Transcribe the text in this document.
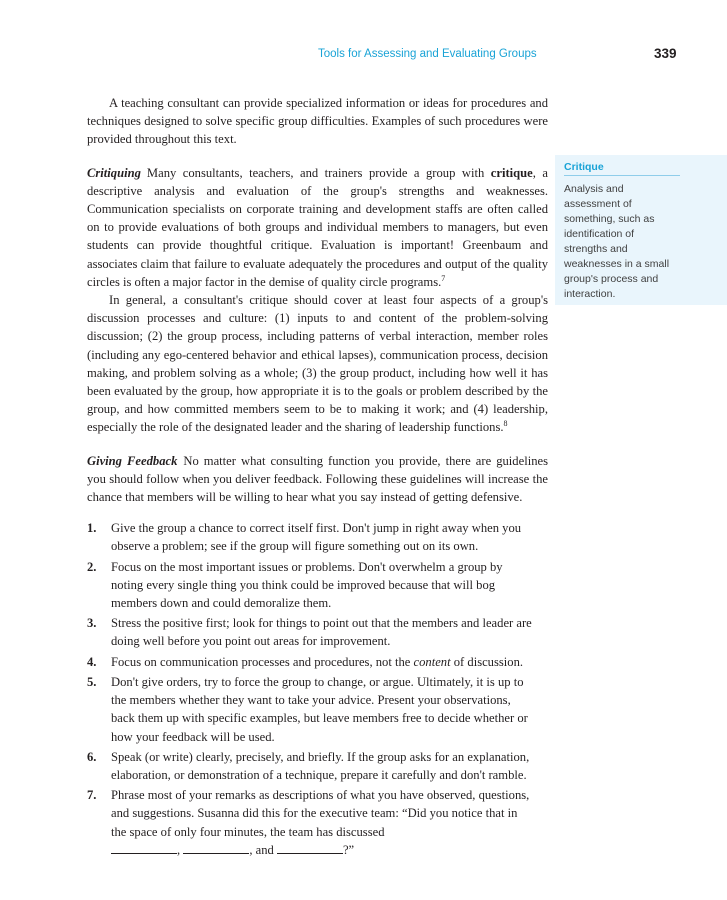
Tools for Assessing and Evaluating Groups	339
Critique
Analysis and assessment of something, such as identification of strengths and weaknesses in a small group's process and interaction.

A teaching consultant can provide specialized information or ideas for procedures and techniques designed to solve specific group difficulties. Examples of such procedures were provided throughout this text.

Critiquing Many consultants, teachers, and trainers provide a group with critique, a descriptive analysis and evaluation of the group's strengths and weaknesses. Communication specialists on corporate training and development staffs are often called on to provide evaluations of both groups and individual members to managers, but even students can provide thoughtful critique. Evaluation is important! Greenbaum and associates claim that failure to evaluate adequately the procedures and output of the quality circles is often a major factor in the demise of quality circle programs.$^7$

In general, a consultant's critique should cover at least four aspects of a group's discussion processes and culture: (1) inputs to and content of the problem-solving discussion; (2) the group process, including patterns of verbal interaction, member roles (including any ego-centered behavior and ethical lapses), communication process, decision making, and problem solving as a whole; (3) the group product, including how well it has been evaluated by the group, how appropriate it is to the goals or problem described by the group, and how committed members seem to be to making it work; and (4) leadership, especially the role of the designated leader and the sharing of leadership functions.$^8$

Giving Feedback No matter what consulting function you provide, there are guidelines you should follow when you deliver feedback. Following these guidelines will increase the chance that members will be willing to hear what you say instead of getting defensive.

1.	Give the group a chance to correct itself first. Don't jump in right away when you observe a problem; see if the group will figure something out on its own.
2.	Focus on the most important issues or problems. Don't overwhelm a group by noting every single thing you think could be improved because that will bog members down and could demoralize them.
3.	Stress the positive first; look for things to point out that the members and leader are doing well before you point out areas for improvement.
4.	Focus on communication processes and procedures, not the content of discussion.
5.	Don't give orders, try to force the group to change, or argue. Ultimately, it is up to the members whether they want to take your advice. Present your observations, back them up with specific examples, but leave members free to decide whether or how your feedback will be used.
6.	Speak (or write) clearly, precisely, and briefly. If the group asks for an explanation, elaboration, or demonstration of a technique, prepare it carefully and don't ramble.
7.	Phrase most of your remarks as descriptions of what you have observed, questions, and suggestions. Susanna did this for the executive team: “Did you notice that in the space of only four minutes, the team has discussed
,	, and	?”
